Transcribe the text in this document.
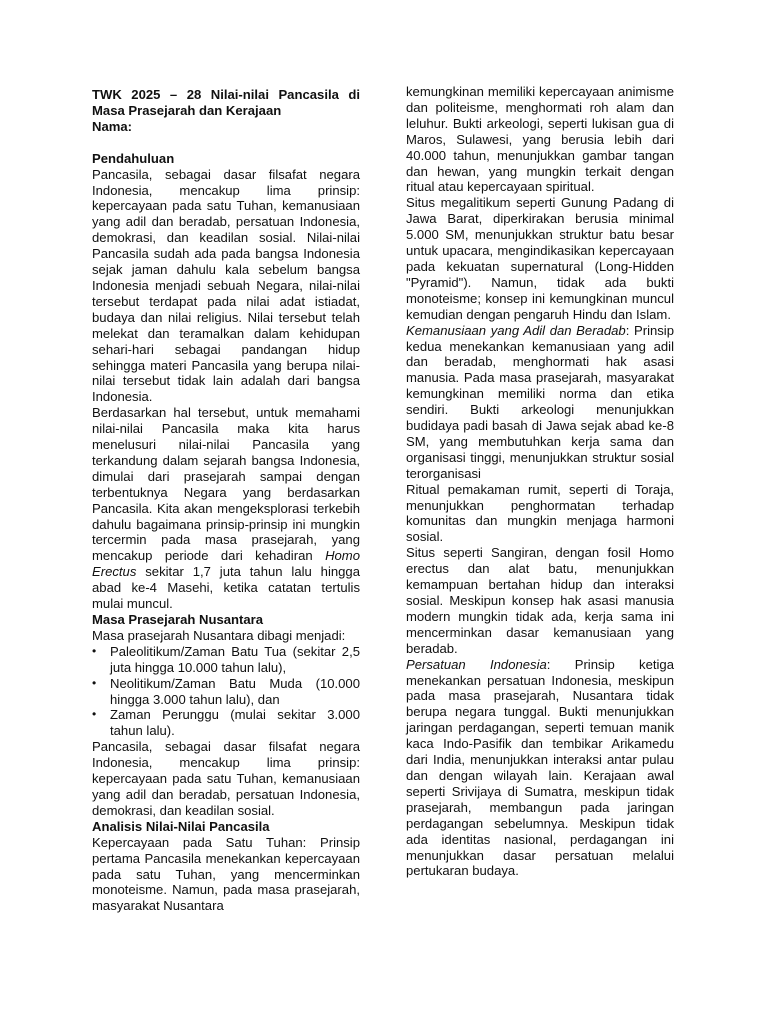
TWK 2025 – 28 Nilai-nilai Pancasila di Masa Prasejarah dan Kerajaan

Nama:

Pendahuluan

Pancasila, sebagai dasar filsafat negara Indonesia, mencakup lima prinsip: kepercayaan pada satu Tuhan, kemanusiaan yang adil dan beradab, persatuan Indonesia, demokrasi, dan keadilan sosial. Nilai-nilai Pancasila sudah ada pada bangsa Indonesia sejak jaman dahulu kala sebelum bangsa Indonesia menjadi sebuah Negara, nilai-nilai tersebut terdapat pada nilai adat istiadat, budaya dan nilai religius. Nilai tersebut telah melekat dan teramalkan dalam kehidupan sehari-hari sebagai pandangan hidup sehingga materi Pancasila yang berupa nilai-nilai tersebut tidak lain adalah dari bangsa Indonesia.

Berdasarkan hal tersebut, untuk memahami nilai-nilai Pancasila maka kita harus menelusuri nilai-nilai Pancasila yang terkandung dalam sejarah bangsa Indonesia, dimulai dari prasejarah sampai dengan terbentuknya Negara yang berdasarkan Pancasila. Kita akan mengeksplorasi terkebih dahulu bagaimana prinsip-prinsip ini mungkin tercermin pada masa prasejarah, yang mencakup periode dari kehadiran Homo Erectus sekitar 1,7 juta tahun lalu hingga abad ke-4 Masehi, ketika catatan tertulis mulai muncul.

Masa Prasejarah Nusantara

Masa prasejarah Nusantara dibagi menjadi:

• Paleolitikum/Zaman Batu Tua (sekitar 2,5 juta hingga 10.000 tahun lalu),
• Neolitikum/Zaman Batu Muda (10.000 hingga 3.000 tahun lalu), dan
• Zaman Perunggu (mulai sekitar 3.000 tahun lalu).

Pancasila, sebagai dasar filsafat negara Indonesia, mencakup lima prinsip: kepercayaan pada satu Tuhan, kemanusiaan yang adil dan beradab, persatuan Indonesia, demokrasi, dan keadilan sosial.

Analisis Nilai-Nilai Pancasila

Kepercayaan pada Satu Tuhan: Prinsip pertama Pancasila menekankan kepercayaan pada satu Tuhan, yang mencerminkan monoteisme. Namun, pada masa prasejarah, masyarakat Nusantara

kemungkinan memiliki kepercayaan animisme dan politeisme, menghormati roh alam dan leluhur. Bukti arkeologi, seperti lukisan gua di Maros, Sulawesi, yang berusia lebih dari 40.000 tahun, menunjukkan gambar tangan dan hewan, yang mungkin terkait dengan ritual atau kepercayaan spiritual.

Situs megalitikum seperti Gunung Padang di Jawa Barat, diperkirakan berusia minimal 5.000 SM, menunjukkan struktur batu besar untuk upacara, mengindikasikan kepercayaan pada kekuatan supernatural (Long-Hidden "Pyramid"). Namun, tidak ada bukti monoteisme; konsep ini kemungkinan muncul kemudian dengan pengaruh Hindu dan Islam.

Kemanusiaan yang Adil dan Beradab: Prinsip kedua menekankan kemanusiaan yang adil dan beradab, menghormati hak asasi manusia. Pada masa prasejarah, masyarakat kemungkinan memiliki norma dan etika sendiri. Bukti arkeologi menunjukkan budidaya padi basah di Jawa sejak abad ke-8 SM, yang membutuhkan kerja sama dan organisasi tinggi, menunjukkan struktur sosial terorganisasi

Ritual pemakaman rumit, seperti di Toraja, menunjukkan penghormatan terhadap komunitas dan mungkin menjaga harmoni sosial.

Situs seperti Sangiran, dengan fosil Homo erectus dan alat batu, menunjukkan kemampuan bertahan hidup dan interaksi sosial. Meskipun konsep hak asasi manusia modern mungkin tidak ada, kerja sama ini mencerminkan dasar kemanusiaan yang beradab.

Persatuan Indonesia: Prinsip ketiga menekankan persatuan Indonesia, meskipun pada masa prasejarah, Nusantara tidak berupa negara tunggal. Bukti menunjukkan jaringan perdagangan, seperti temuan manik kaca Indo-Pasifik dan tembikar Arikamedu dari India, menunjukkan interaksi antar pulau dan dengan wilayah lain. Kerajaan awal seperti Srivijaya di Sumatra, meskipun tidak prasejarah, membangun pada jaringan perdagangan sebelumnya. Meskipun tidak ada identitas nasional, perdagangan ini menunjukkan dasar persatuan melalui pertukaran budaya.
